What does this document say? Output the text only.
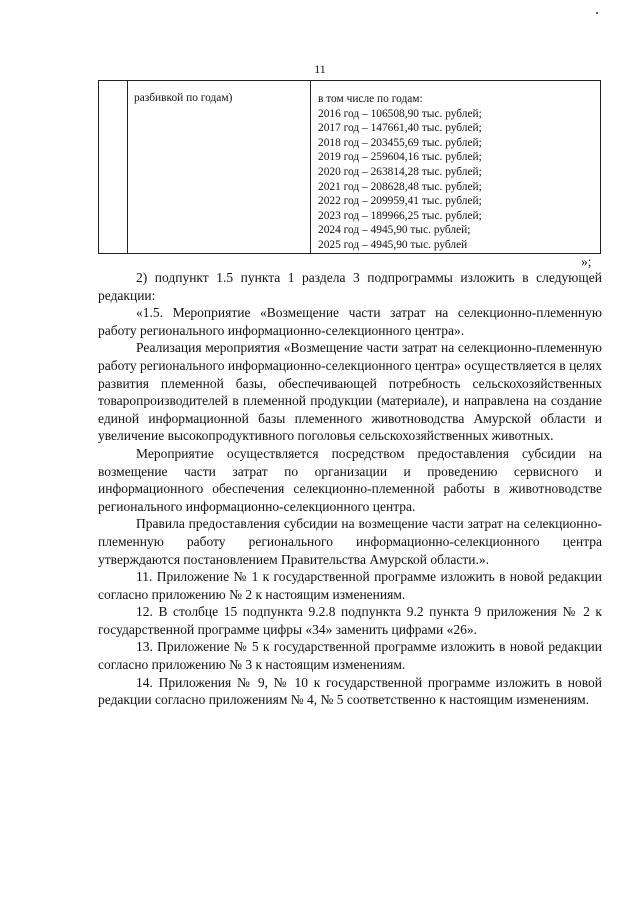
11

разбивкой по годам)	в том числе по годам:
2016 год – 106508,90 тыс. рублей;
2017 год – 147661,40 тыс. рублей;
2018 год – 203455,69 тыс. рублей;
2019 год – 259604,16 тыс. рублей;
2020 год – 263814,28 тыс. рублей;
2021 год – 208628,48 тыс. рублей;
2022 год – 209959,41 тыс. рублей;
2023 год – 189966,25 тыс. рублей;
2024 год – 4945,90 тыс. рублей;
2025 год – 4945,90 тыс. рублей
»;

2) подпункт 1.5 пункта 1 раздела 3 подпрограммы изложить в следующей редакции:

«1.5. Мероприятие «Возмещение части затрат на селекционно-племенную работу регионального информационно-селекционного центра».

Реализация мероприятия «Возмещение части затрат на селекционно-племенную работу регионального информационно-селекционного центра» осуществляется в целях развития племенной базы, обеспечивающей потребность сельскохозяйственных товаропроизводителей в племенной продукции (материале), и направлена на создание единой информационной базы племенного животноводства Амурской области и увеличение высокопродуктивного поголовья сельскохозяйственных животных.

Мероприятие осуществляется посредством предоставления субсидии на возмещение части затрат по организации и проведению сервисного и информационного обеспечения селекционно-племенной работы в животноводстве регионального информационно-селекционного центра.

Правила предоставления субсидии на возмещение части затрат на селекционно-племенную работу регионального информационно-селекционного центра утверждаются постановлением Правительства Амурской области.».

11. Приложение № 1 к государственной программе изложить в новой редакции согласно приложению № 2 к настоящим изменениям.

12. В столбце 15 подпункта 9.2.8 подпункта 9.2 пункта 9 приложения № 2 к государственной программе цифры «34» заменить цифрами «26».

13. Приложение № 5 к государственной программе изложить в новой редакции согласно приложению № 3 к настоящим изменениям.

14. Приложения № 9, № 10 к государственной программе изложить в новой редакции согласно приложениям № 4, № 5 соответственно к настоящим изменениям.
